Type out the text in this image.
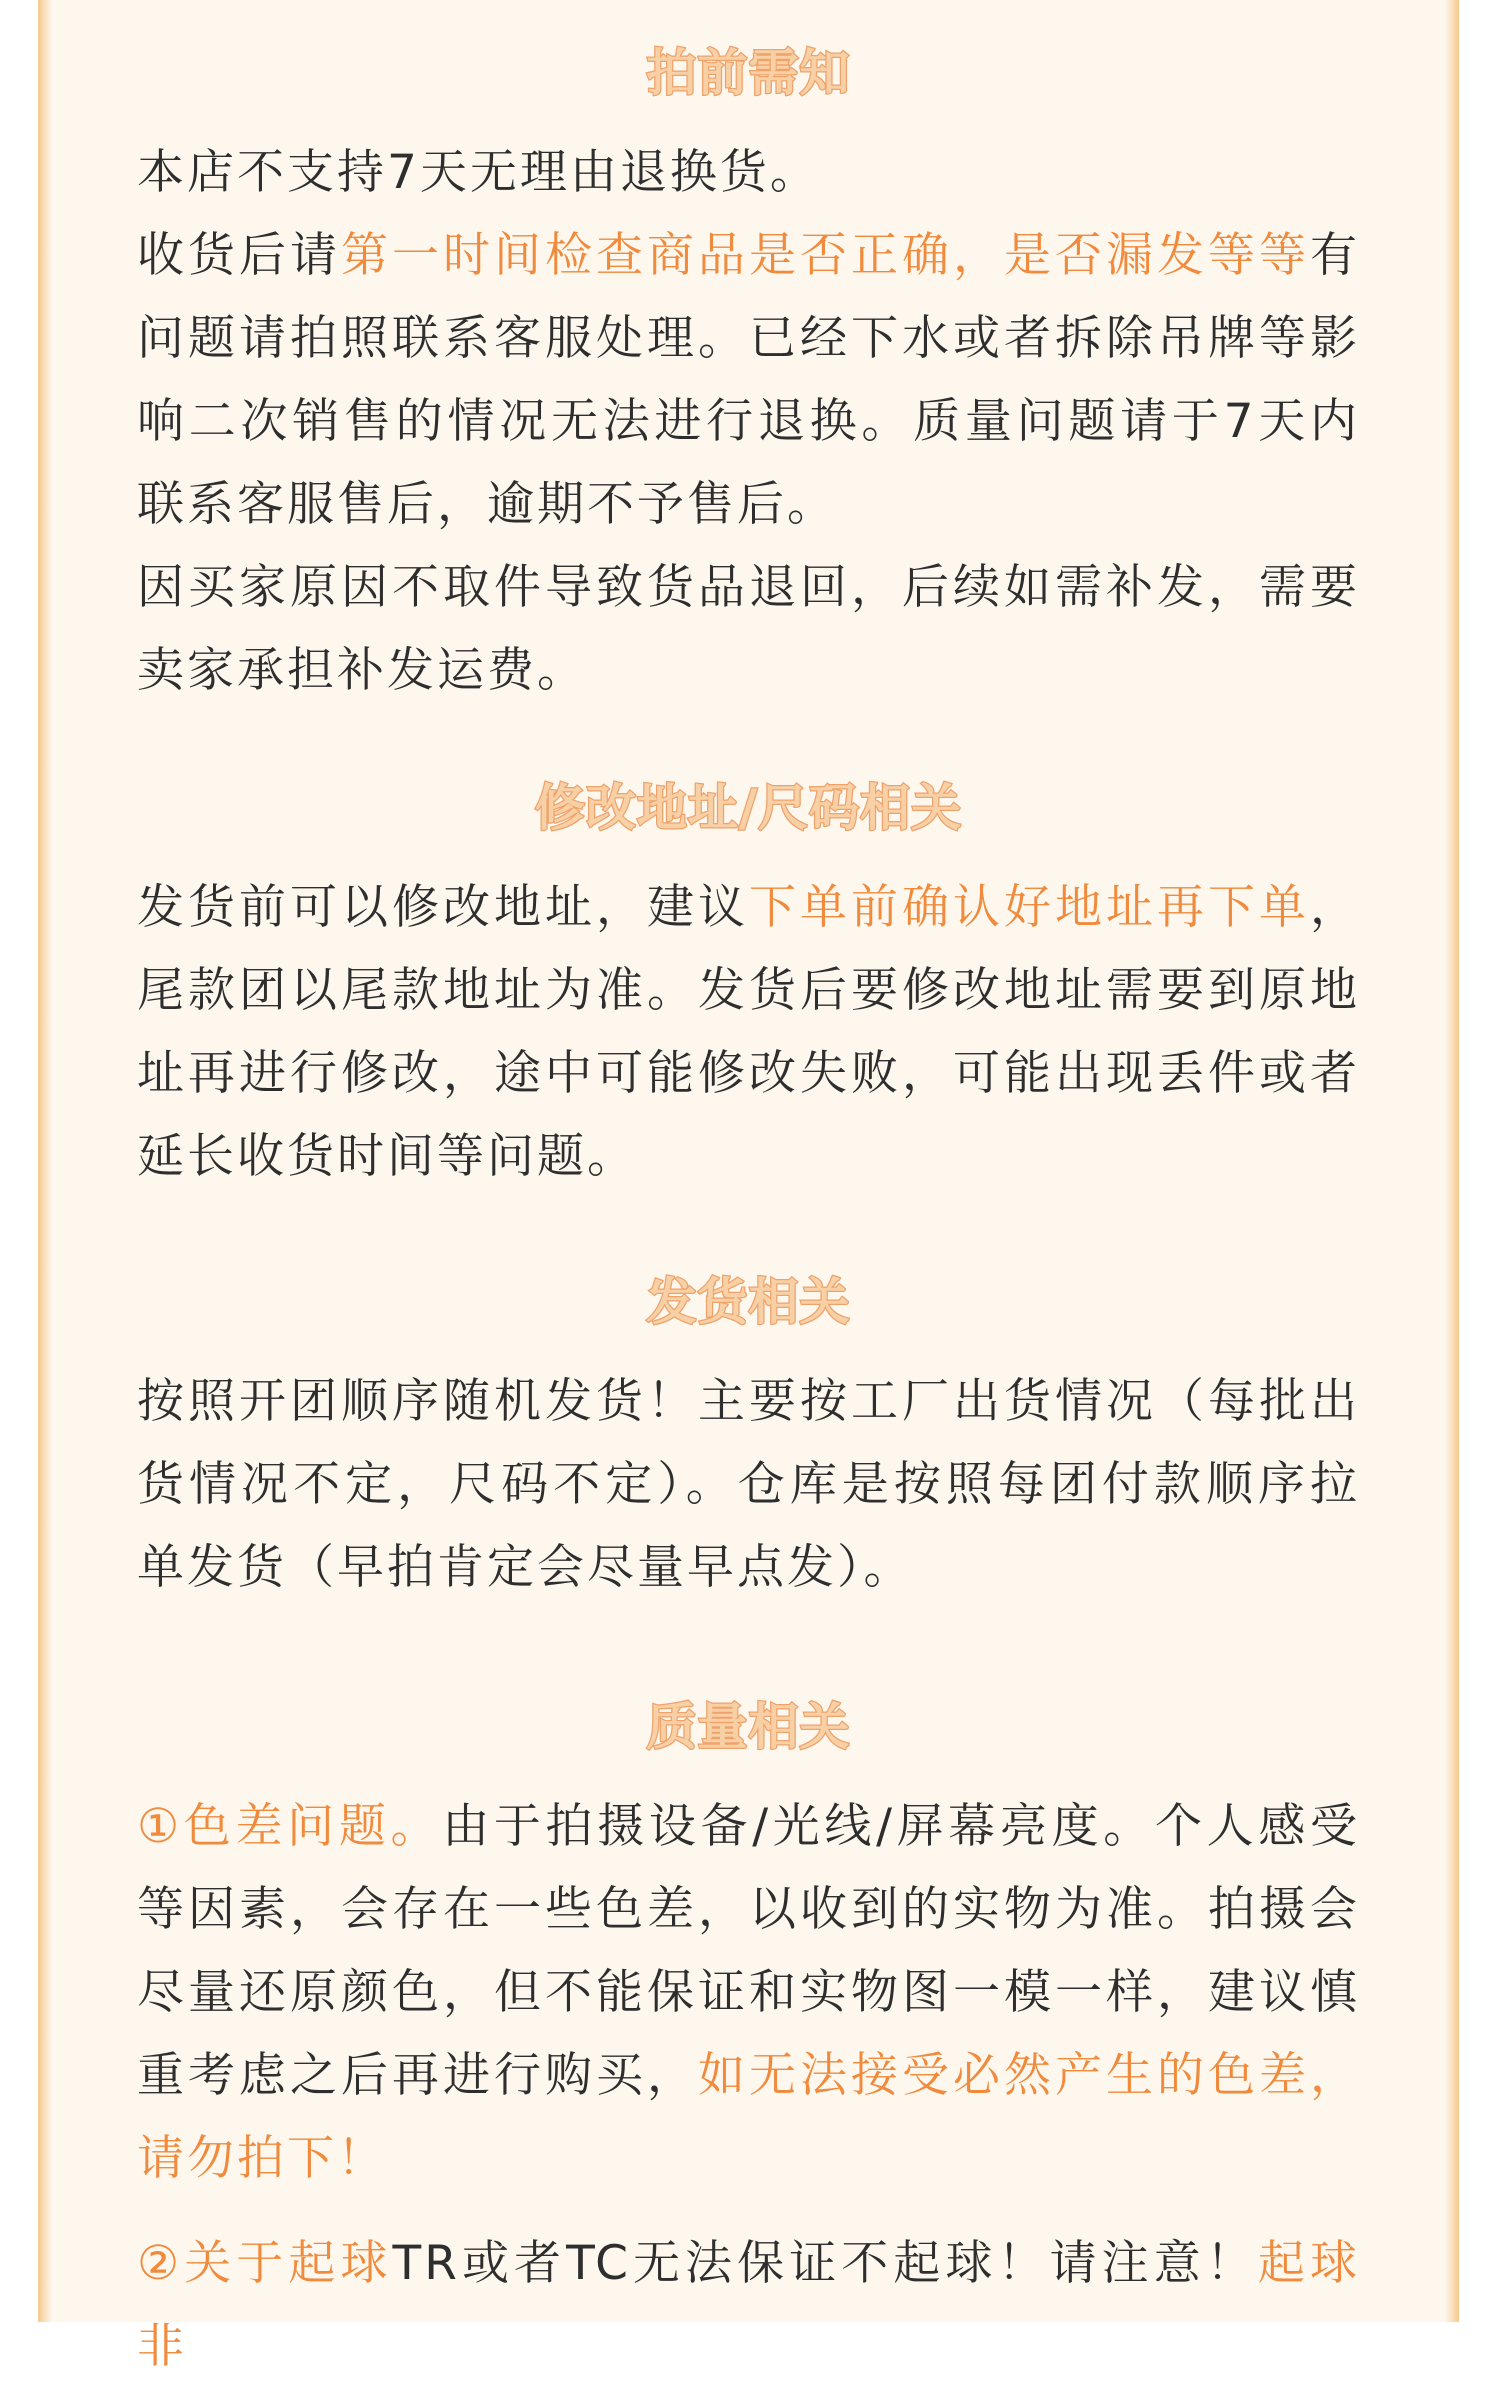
拍前需知

本店不支持7天无理由退换货。

收货后请第一时间检查商品是否正确，是否漏发等等有问题请拍照联系客服处理。已经下水或者拆除吊牌等影响二次销售的情况无法进行退换。质量问题请于7天内联系客服售后，逾期不予售后。

因买家原因不取件导致货品退回，后续如需补发，需要卖家承担补发运费。

修改地址/尺码相关

发货前可以修改地址，建议下单前确认好地址再下单，尾款团以尾款地址为准。发货后要修改地址需要到原地址再进行修改，途中可能修改失败，可能出现丢件或者延长收货时间等问题。

发货相关

按照开团顺序随机发货！主要按工厂出货情况（每批出货情况不定，尺码不定）。仓库是按照每团付款顺序拉单发货（早拍肯定会尽量早点发）。

质量相关

①色差问题。由于拍摄设备/光线/屏幕亮度。个人感受等因素，会存在一些色差，以收到的实物为准。拍摄会尽量还原颜色，但不能保证和实物图一模一样，建议慎重考虑之后再进行购买，如无法接受必然产生的色差，请勿拍下！

②关于起球TR或者TC无法保证不起球！请注意！起球非
